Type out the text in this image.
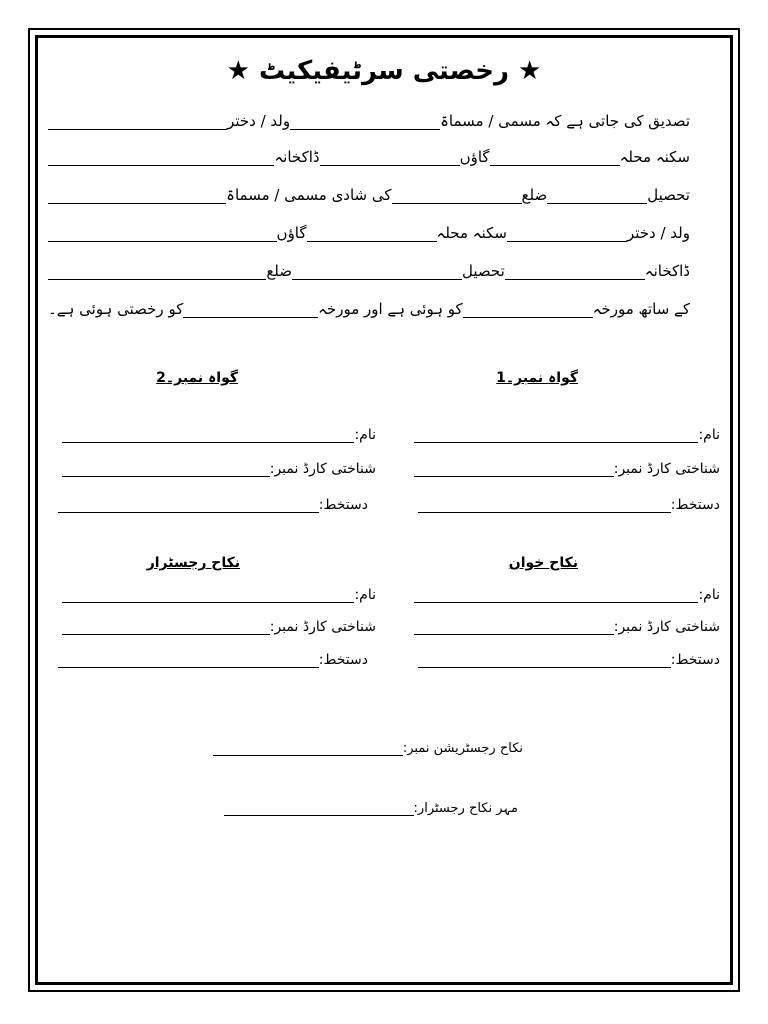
★ رخصتی سرٹیفیکیٹ ★
تصدیق کی جاتی ہے کہ مسمی / مسماۃ
ولد / دختر
سکنہ محلہ
گاؤں
ڈاکخانہ
تحصیل
ضلع
کی شادی مسمی / مسماۃ
ولد / دختر
سکنہ محلہ
گاؤں
ڈاکخانہ
تحصیل
ضلع
کے ساتھ مورخہ
کو ہوئی ہے اور مورخہ
کو رخصتی ہوئی ہے۔
گواہ نمبر۔1
نام:
شناختی کارڈ نمبر:
دستخط:
گواہ نمبر۔2
نام:
شناختی کارڈ نمبر:
دستخط:
نکاح خوان
نام:
شناختی کارڈ نمبر:
دستخط:
نکاح رجسٹرار
نام:
شناختی کارڈ نمبر:
دستخط:
نکاح رجسٹریشن نمبر:
مہر نکاح رجسٹرار:
